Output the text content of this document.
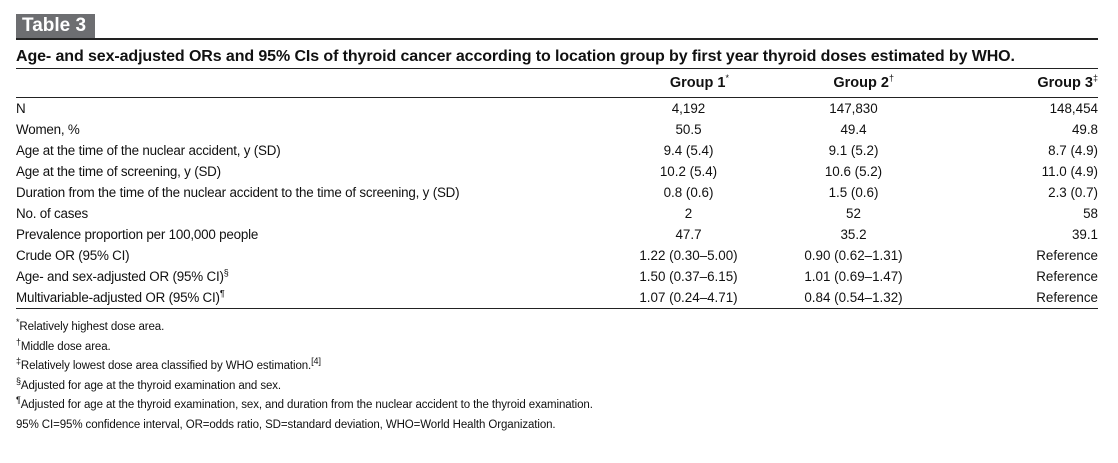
Table 3
Age- and sex-adjusted ORs and 95% CIs of thyroid cancer according to location group by first year thyroid doses estimated by WHO.
	Group 1*	Group 2†	Group 3‡
N	4,192	147,830	148,454
Women, %	50.5	49.4	49.8
Age at the time of the nuclear accident, y (SD)	9.4 (5.4)	9.1 (5.2)	8.7 (4.9)
Age at the time of screening, y (SD)	10.2 (5.4)	10.6 (5.2)	11.0 (4.9)
Duration from the time of the nuclear accident to the time of screening, y (SD)	0.8 (0.6)	1.5 (0.6)	2.3 (0.7)
No. of cases	2	52	58
Prevalence proportion per 100,000 people	47.7	35.2	39.1
Crude OR (95% CI)	1.22 (0.30–5.00)	0.90 (0.62–1.31)	Reference
Age- and sex-adjusted OR (95% CI)§	1.50 (0.37–6.15)	1.01 (0.69–1.47)	Reference
Multivariable-adjusted OR (95% CI)¶	1.07 (0.24–4.71)	0.84 (0.54–1.32)	Reference
*Relatively highest dose area.
†Middle dose area.
‡Relatively lowest dose area classified by WHO estimation.[4]
§Adjusted for age at the thyroid examination and sex.
¶Adjusted for age at the thyroid examination, sex, and duration from the nuclear accident to the thyroid examination.
95% CI=95% confidence interval, OR=odds ratio, SD=standard deviation, WHO=World Health Organization.
